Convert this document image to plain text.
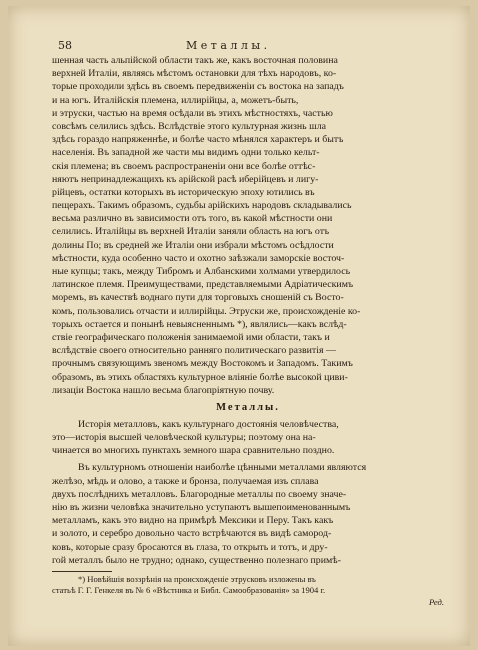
58	Металлы.
шенная часть альпійской области такъ же, какъ восточная половина
верхней Италіи, являясь мѣстомъ остановки для тѣхъ народовъ, ко-
торые проходили здѣсь въ своемъ передвиженіи съ востока на западъ
и на югъ. Италійскія племена, иллирійцы, а, можетъ-быть,
и этруски, частью на время осѣдали въ этихъ мѣстностяхъ, частью
совсѣмъ селились здѣсь. Вслѣдствіе этого культурная жизнь шла
здѣсь гораздо напряженнѣе, и болѣе часто мѣнялся характеръ и бытъ
населенія. Въ западной же части мы видимъ одни только кельт-
скія племена; въ своемъ распространеніи они все болѣе оттѣс-
няютъ непринадлежащихъ къ арійской расѣ иберійцевъ и лигу-
рійцевъ, остатки которыхъ въ историческую эпоху ютились въ
пещерахъ. Такимъ образомъ, судьбы арійскихъ народовъ складывались
весьма различно въ зависимости отъ того, въ какой мѣстности они
селились. Италійцы въ верхней Италіи заняли область на югъ отъ
долины По; въ средней же Италіи они избрали мѣстомъ осѣдлости
мѣстности, куда особенно часто и охотно заѣзжали заморскіе восточ-
ные купцы; такъ, между Тибромъ и Албанскими холмами утвердилось
латинское племя. Преимуществами, представляемыми Адріатическимъ
моремъ, въ качествѣ воднаго пути для торговыхъ сношеній съ Восто-
комъ, пользовались отчасти и иллирійцы. Этруски же, происхожденіе ко-
торыхъ остается и понынѣ невыясненнымъ *), являлись—какъ вслѣд-
ствіе географическаго положенія занимаемой ими области, такъ и
вслѣдствіе своего относительно ранняго политическаго развитія —
прочнымъ связующимъ звеномъ между Востокомъ и Западомъ. Такимъ
образомъ, въ этихъ областяхъ культурное вліяніе болѣе высокой циви-
лизаціи Востока нашло весьма благопріятную почву.
Металлы.
Исторія металловъ, какъ культурнаго достоянія человѣчества,
это—исторія высшей человѣческой культуры; поэтому она на-
чинается во многихъ пунктахъ земного шара сравнительно поздно.
Въ культурномъ отношеніи наиболѣе цѣнными металлами являются
желѣзо, мѣдь и олово, а также и бронза, получаемая изъ сплава
двухъ послѣднихъ металловъ. Благородные металлы по своему значе-
нію въ жизни человѣка значительно уступаютъ вышепоименованнымъ
металламъ, какъ это видно на примѣрѣ Мексики и Перу. Такъ какъ
и золото, и серебро довольно часто встрѣчаются въ видѣ самород-
ковъ, которые сразу бросаются въ глаза, то открыть и тотъ, и дру-
гой металлъ было не трудно; однако, существенно полезнаго примѣ-
*) Новѣйшія воззрѣнія на происхожденіе этрусковъ изложены въ
статьѣ Г. Г. Генкеля въ № 6 «Вѣстника и Библ. Самообразованія» за 1904 г.
Ред.
